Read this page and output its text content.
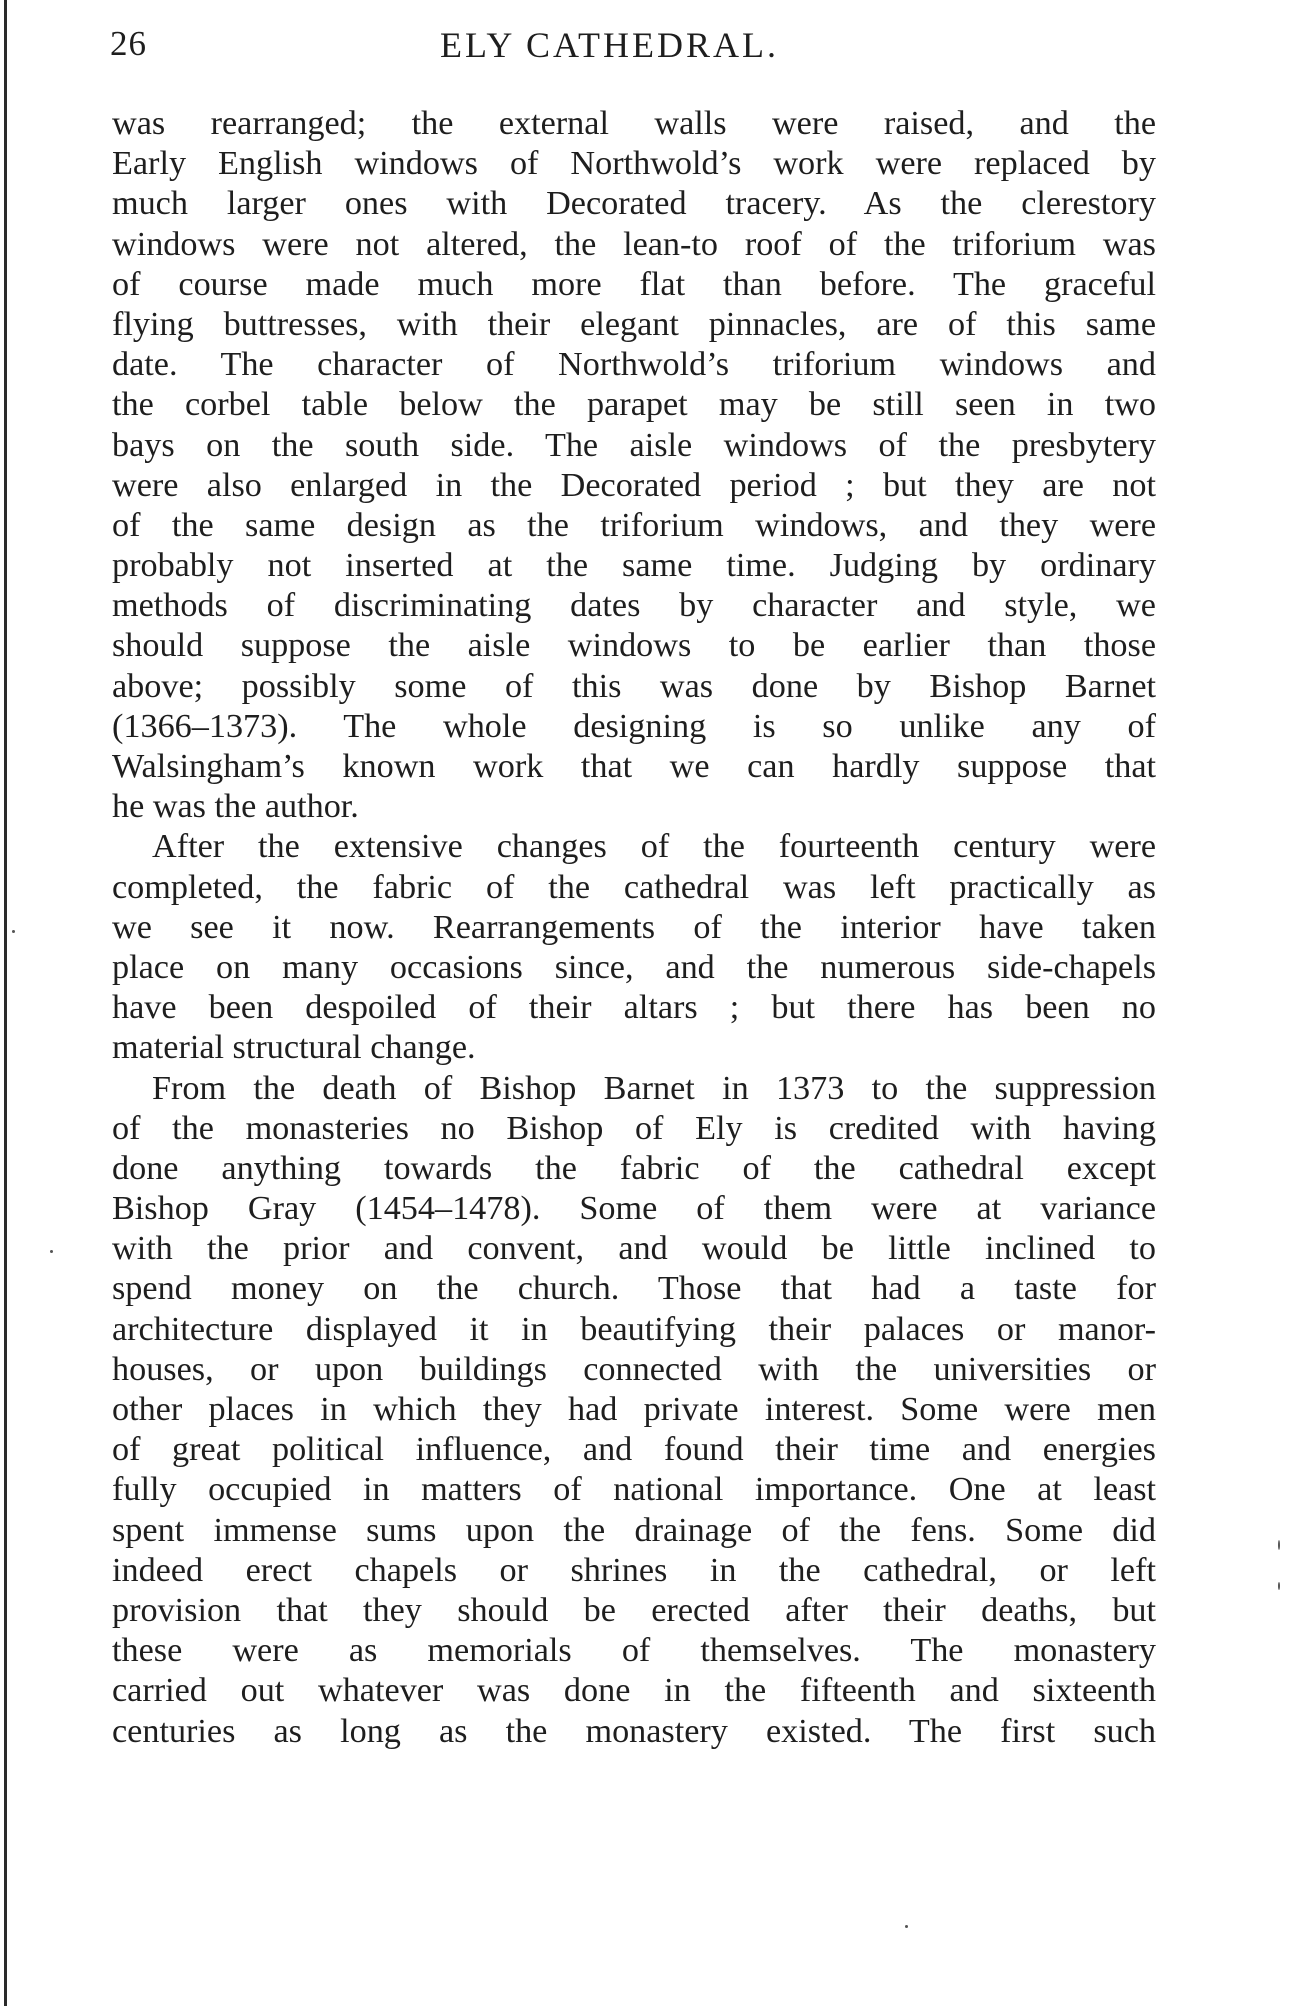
26	ELY CATHEDRAL.
was rearranged; the external walls were raised, and the
Early English windows of Northwold’s work were replaced by
much larger ones with Decorated tracery. As the clerestory
windows were not altered, the lean-to roof of the triforium was
of course made much more flat than before. The graceful
flying buttresses, with their elegant pinnacles, are of this same
date. The character of Northwold’s triforium windows and
the corbel table below the parapet may be still seen in two
bays on the south side. The aisle windows of the presbytery
were also enlarged in the Decorated period ; but they are not
of the same design as the triforium windows, and they were
probably not inserted at the same time. Judging by ordinary
methods of discriminating dates by character and style, we
should suppose the aisle windows to be earlier than those
above; possibly some of this was done by Bishop Barnet
(1366–1373). The whole designing is so unlike any of
Walsingham’s known work that we can hardly suppose that
he was the author.
After the extensive changes of the fourteenth century were
completed, the fabric of the cathedral was left practically as
we see it now. Rearrangements of the interior have taken
place on many occasions since, and the numerous side-chapels
have been despoiled of their altars ; but there has been no
material structural change.
From the death of Bishop Barnet in 1373 to the suppression
of the monasteries no Bishop of Ely is credited with having
done anything towards the fabric of the cathedral except
Bishop Gray (1454–1478). Some of them were at variance
with the prior and convent, and would be little inclined to
spend money on the church. Those that had a taste for
architecture displayed it in beautifying their palaces or manor-
houses, or upon buildings connected with the universities or
other places in which they had private interest. Some were men
of great political influence, and found their time and energies
fully occupied in matters of national importance. One at least
spent immense sums upon the drainage of the fens. Some did
indeed erect chapels or shrines in the cathedral, or left
provision that they should be erected after their deaths, but
these were as memorials of themselves. The monastery
carried out whatever was done in the fifteenth and sixteenth
centuries as long as the monastery existed. The first such
